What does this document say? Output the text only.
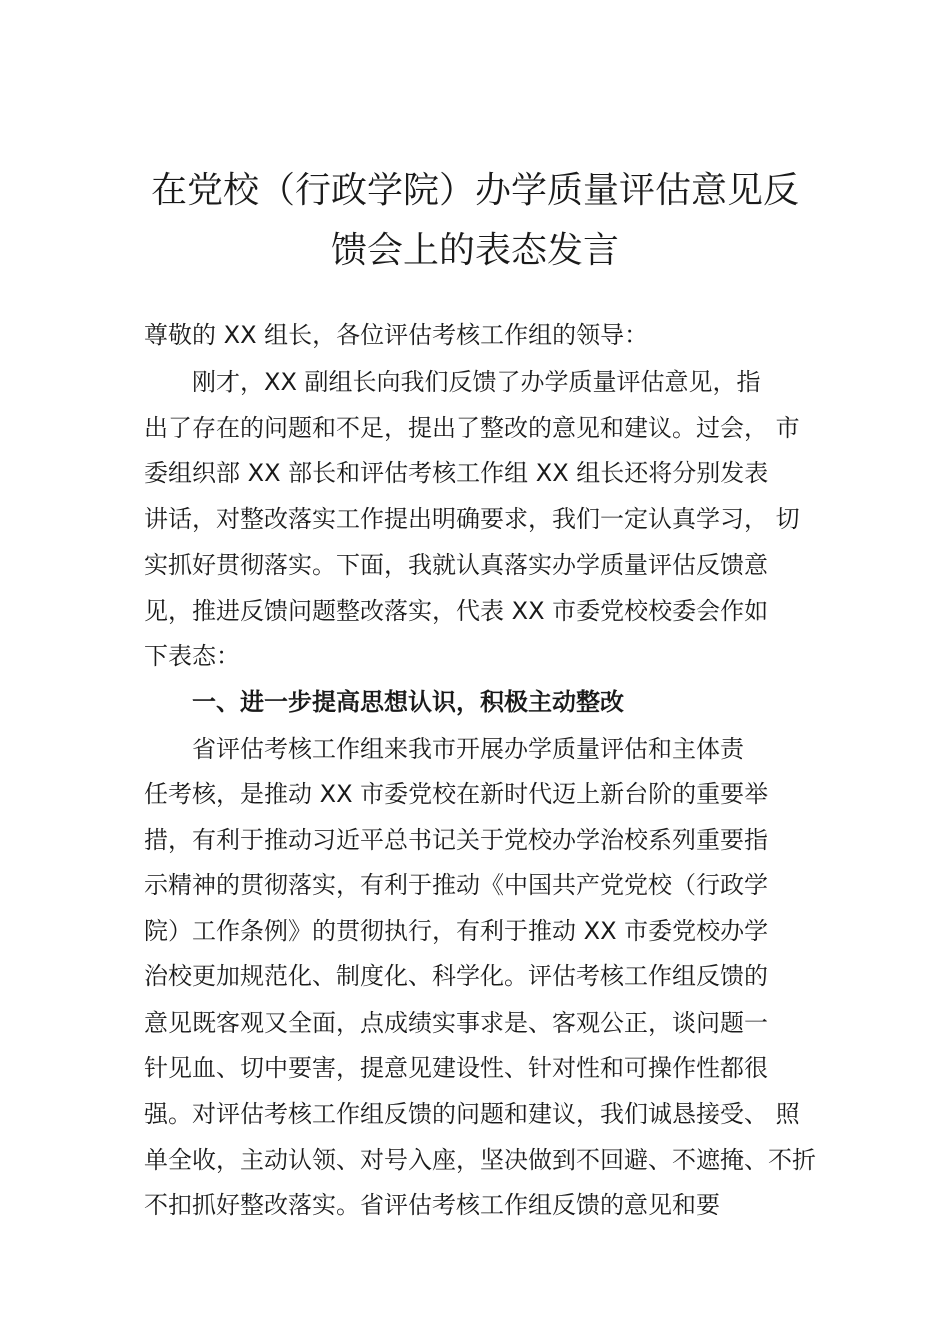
在党校（行政学院）办学质量评估意见反
馈会上的表态发言
尊敬的 XX 组长，各位评估考核工作组的领导：
刚才，XX 副组长向我们反馈了办学质量评估意见，指
出了存在的问题和不足，提出了整改的意见和建议。过会， 市
委组织部 XX 部长和评估考核工作组 XX 组长还将分别发表
讲话，对整改落实工作提出明确要求，我们一定认真学习， 切
实抓好贯彻落实。下面，我就认真落实办学质量评估反馈意
见，推进反馈问题整改落实，代表 XX 市委党校校委会作如
下表态：
一、进一步提高思想认识，积极主动整改
省评估考核工作组来我市开展办学质量评估和主体责
任考核，是推动 XX 市委党校在新时代迈上新台阶的重要举
措，有利于推动习近平总书记关于党校办学治校系列重要指
示精神的贯彻落实，有利于推动《中国共产党党校（行政学
院）工作条例》的贯彻执行，有利于推动 XX 市委党校办学
治校更加规范化、制度化、科学化。评估考核工作组反馈的
意见既客观又全面，点成绩实事求是、客观公正，谈问题一
针见血、切中要害，提意见建设性、针对性和可操作性都很
强。对评估考核工作组反馈的问题和建议，我们诚恳接受、 照
单全收，主动认领、对号入座，坚决做到不回避、不遮掩、不折
不扣抓好整改落实。省评估考核工作组反馈的意见和要
